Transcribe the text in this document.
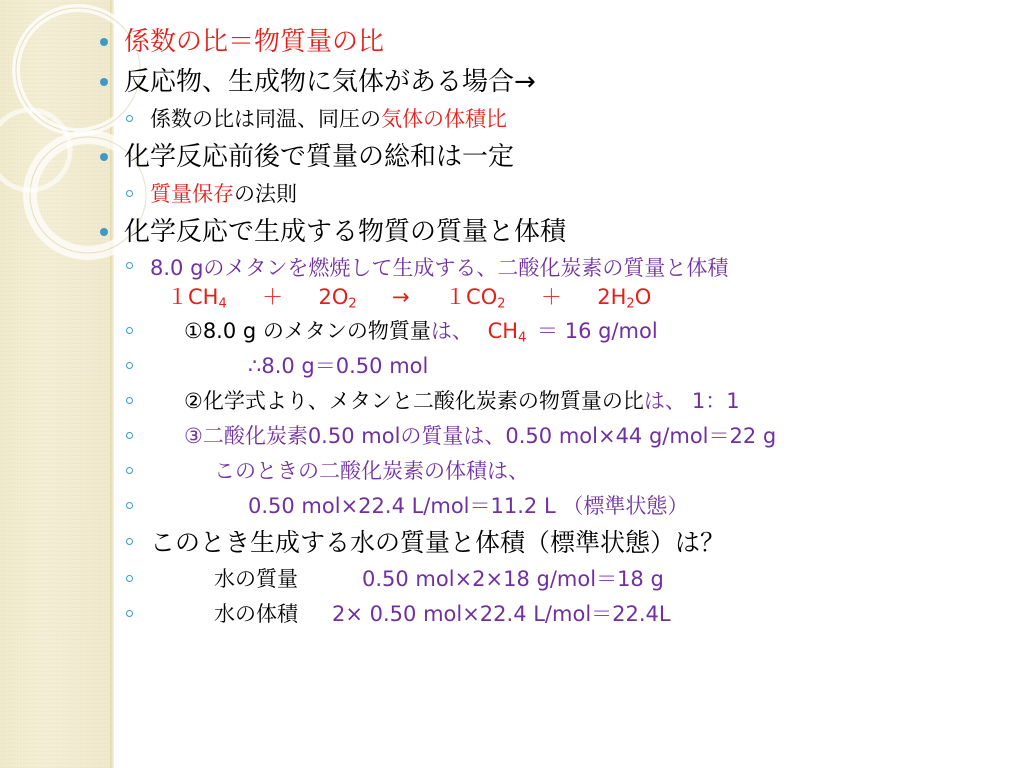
係数の比＝物質量の比
反応物、生成物に気体がある場合→
係数の比は同温、同圧の気体の体積比
化学反応前後で質量の総和は一定
質量保存の法則
化学反応で生成する物質の質量と体積
8.0 gのメタンを燃焼して生成する、二酸化炭素の質量と体積
$1CH_4 + 2O_2 \to 1CO_2 + 2H_2O$
①8.0 g のメタンの物質量は、 $CH_4 = 16$ g/mol
∴8.0 g＝0.50 mol
②化学式より、メタンと二酸化炭素の物質量の比は、 1：1
③二酸化炭素0.50 molの質量は、0.50 mol×44 g/mol＝22 g
このときの二酸化炭素の体積は、
0.50 mol×22.4 L/mol＝11.2 L （標準状態）
このとき生成する水の質量と体積（標準状態）は？
水の質量	0.50 mol×2×18 g/mol＝18 g
水の体積 2× 0.50 mol×22.4 L/mol＝22.4L
